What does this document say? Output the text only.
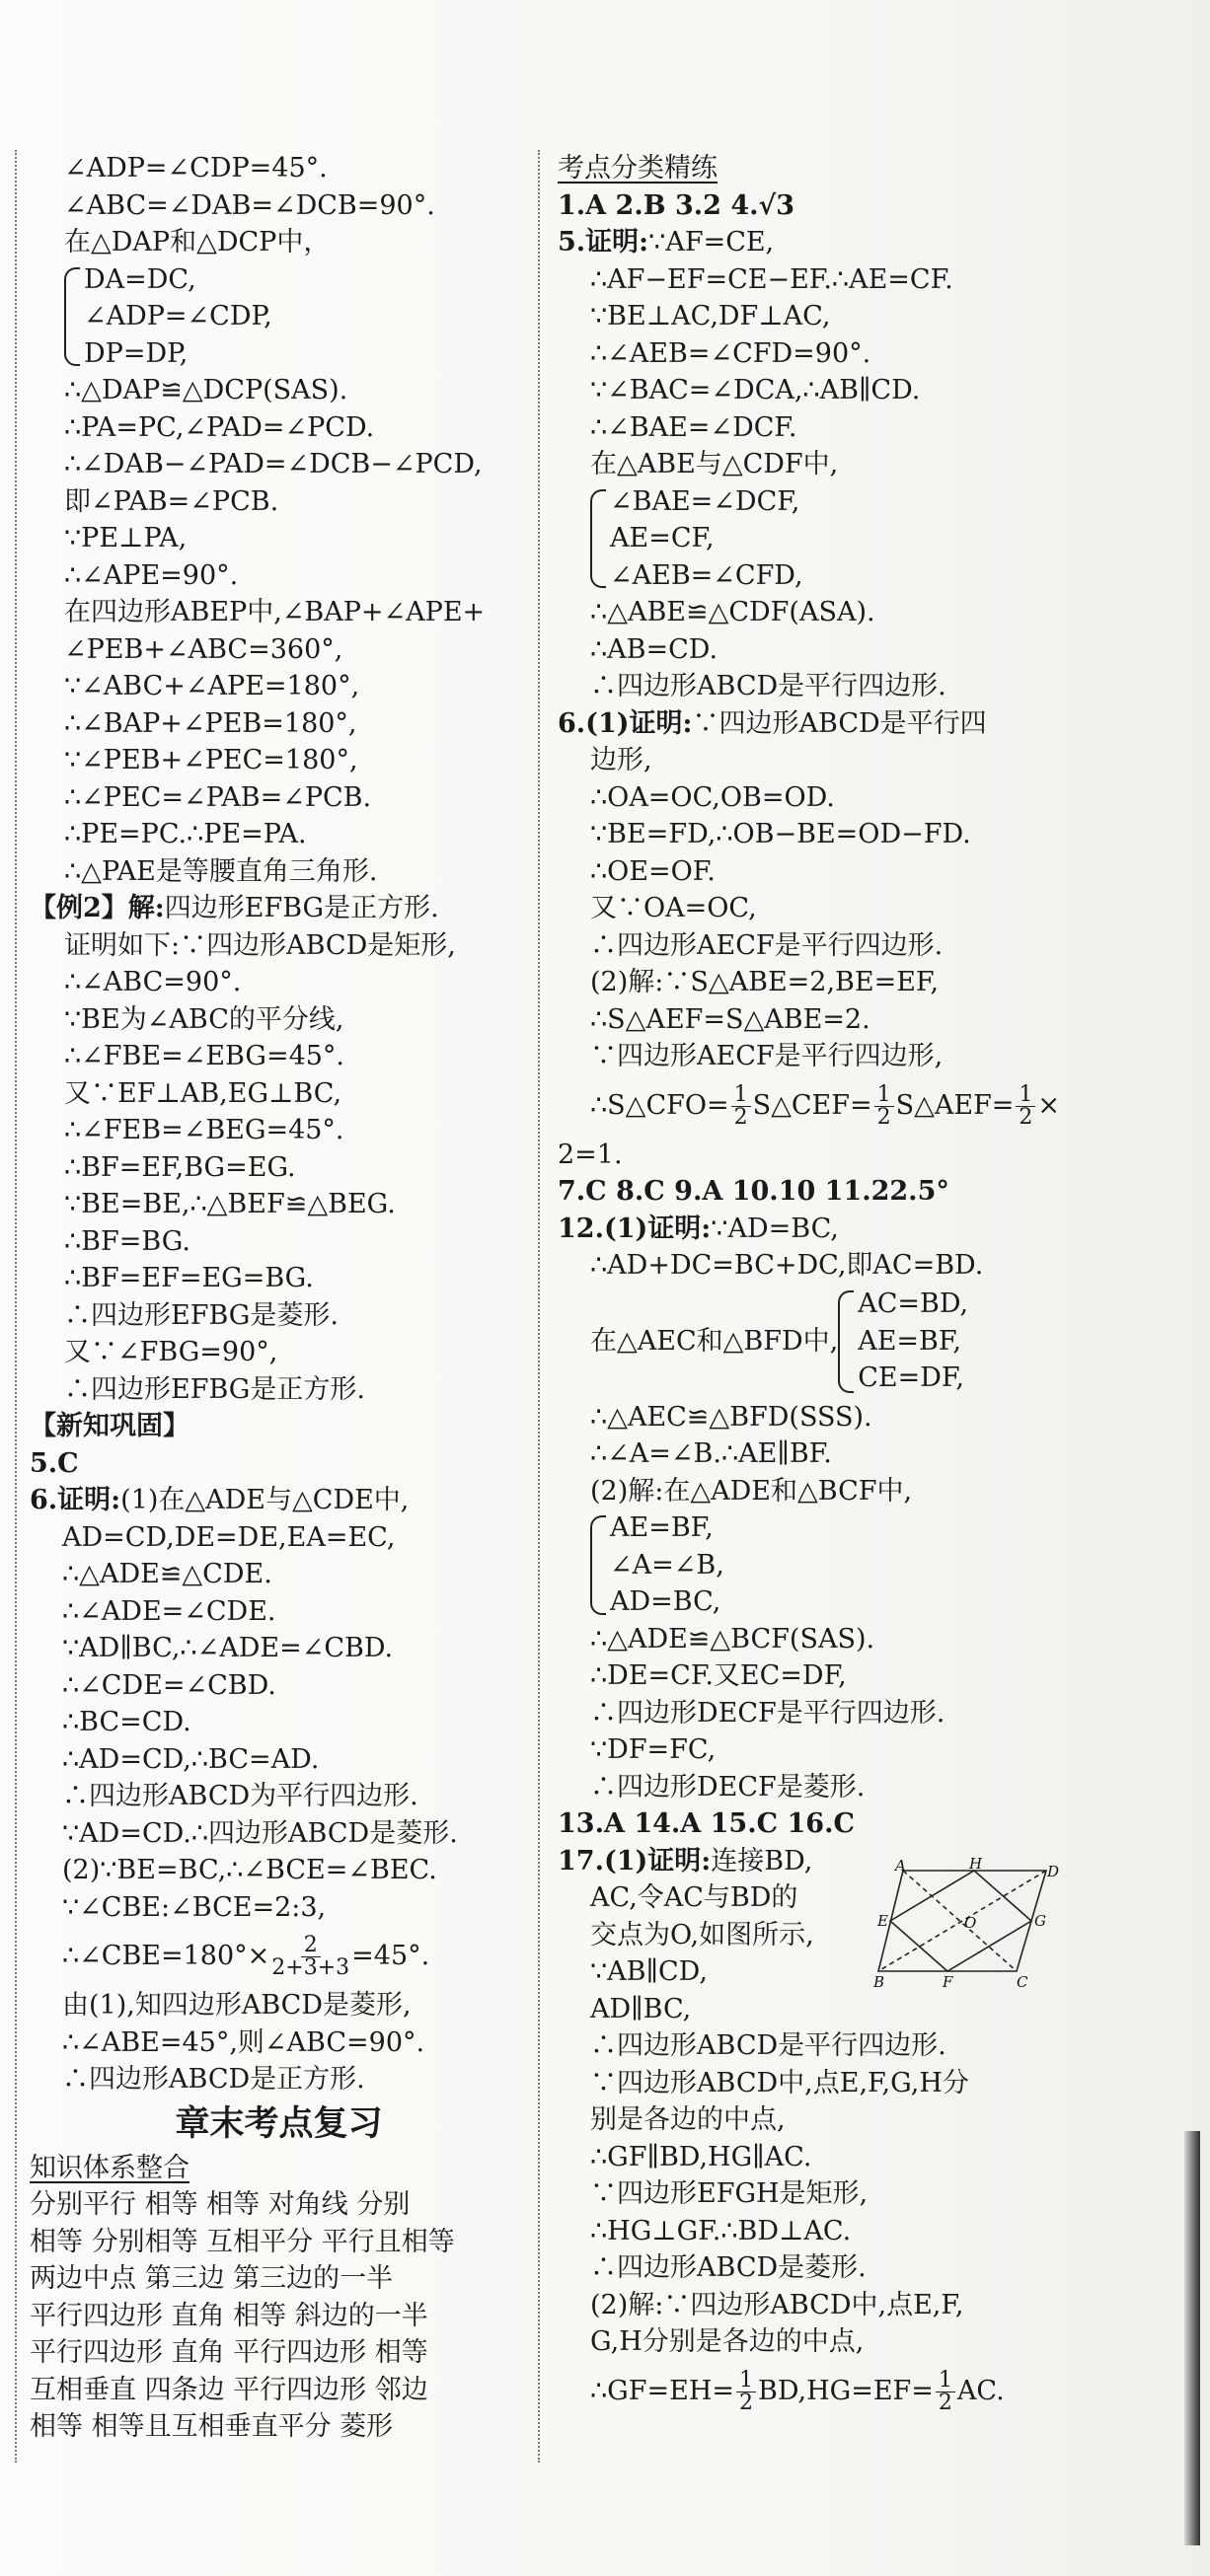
∠ADP=∠CDP=45°.
∠ABC=∠DAB=∠DCB=90°.
在△DAP和△DCP中，
DA=DC,
∠ADP=∠CDP,
DP=DP,
∴△DAP≌△DCP(SAS).
∴PA=PC,∠PAD=∠PCD.
∴∠DAB−∠PAD=∠DCB−∠PCD,
即∠PAB=∠PCB.
∵PE⊥PA,
∴∠APE=90°.
在四边形ABEP中,∠BAP+∠APE+
∠PEB+∠ABC=360°,
∵∠ABC+∠APE=180°,
∴∠BAP+∠PEB=180°,
∵∠PEB+∠PEC=180°,
∴∠PEC=∠PAB=∠PCB.
∴PE=PC.∴PE=PA.
∴△PAE是等腰直角三角形.
【例2】解:四边形EFBG是正方形.
证明如下:∵四边形ABCD是矩形,
∴∠ABC=90°.
∵BE为∠ABC的平分线,
∴∠FBE=∠EBG=45°.
又∵EF⊥AB,EG⊥BC,
∴∠FEB=∠BEG=45°.
∴BF=EF,BG=EG.
∵BE=BE,∴△BEF≌△BEG.
∴BF=BG.
∴BF=EF=EG=BG.
∴四边形EFBG是菱形.
又∵∠FBG=90°,
∴四边形EFBG是正方形.
【新知巩固】
5.C
6.证明:(1)在△ADE与△CDE中,
AD=CD,DE=DE,EA=EC,
∴△ADE≌△CDE.
∴∠ADE=∠CDE.
∵AD∥BC,∴∠ADE=∠CBD.
∴∠CDE=∠CBD.
∴BC=CD.
∴AD=CD,∴BC=AD.
∴四边形ABCD为平行四边形.
∵AD=CD.∴四边形ABCD是菱形.
(2)∵BE=BC,∴∠BCE=∠BEC.
∵∠CBE:∠BCE=2:3,
∴∠CBE=180°× $\frac{2}{2+3+3} =45^\circ$.
由(1),知四边形ABCD是菱形,
∴∠ABE=45°,则∠ABC=90°.
∴四边形ABCD是正方形.
章末考点复习
知识体系整合
分别平行 相等 相等 对角线 分别
相等 分别相等 互相平分 平行且相等
两边中点 第三边 第三边的一半
平行四边形 直角 相等 斜边的一半
平行四边形 直角 平行四边形 相等
互相垂直 四条边 平行四边形 邻边
相等 相等且互相垂直平分 菱形
考点分类精练
1.A 2.B 3.2 4.√3
5.证明:∵AF=CE,
∴AF−EF=CE−EF.∴AE=CF.
∵BE⊥AC,DF⊥AC,
∴∠AEB=∠CFD=90°.
∵∠BAC=∠DCA,∴AB∥CD.
∴∠BAE=∠DCF.
在△ABE与△CDF中,
∠BAE=∠DCF,
AE=CF,
∠AEB=∠CFD,
∴△ABE≌△CDF(ASA).
∴AB=CD.
∴四边形ABCD是平行四边形.
6.(1)证明:∵四边形ABCD是平行四
边形,
∴OA=OC,OB=OD.
∵BE=FD,∴OB−BE=OD−FD.
∴OE=OF.
又∵OA=OC,
∴四边形AECF是平行四边形.
(2)解:∵S△ABE=2,BE=EF,
∴S△AEF=S△ABE=2.
∵四边形AECF是平行四边形,
∴S△CFO= $\frac{1}{2}$ S△CEF= $\frac{1}{2}$ S△AEF= $\frac{1}{2}$ ×
2=1.
7.C 8.C 9.A 10.10 11.22.5°
12.(1)证明:∵AD=BC,
∴AD+DC=BC+DC,即AC=BD.
在△AEC和△BFD中,
AC=BD,
AE=BF,
CE=DF,
∴△AEC≌△BFD(SSS).
∴∠A=∠B.∴AE∥BF.
(2)解:在△ADE和△BCF中,
AE=BF,
∠A=∠B,
AD=BC,
∴△ADE≌△BCF(SAS).
∴DE=CF.又EC=DF,
∴四边形DECF是平行四边形.
∵DF=FC,
∴四边形DECF是菱形.
13.A 14.A 15.C 16.C
17.(1)证明:连接BD,
AC,令AC与BD的
交点为O,如图所示,
∵AB∥CD,
AD∥BC,
∴四边形ABCD是平行四边形.
∵四边形ABCD中,点E,F,G,H分
别是各边的中点,
∴GF∥BD,HG∥AC.
∵四边形EFGH是矩形,
∴HG⊥GF.∴BD⊥AC.
∴四边形ABCD是菱形.
(2)解:∵四边形ABCD中,点E,F,
G,H分别是各边的中点,
∴GF=EH= $\frac{1}{2} BD,HG=EF= \frac{1}{2}$ AC.
A	H	D
E	O	G
B	F	C
